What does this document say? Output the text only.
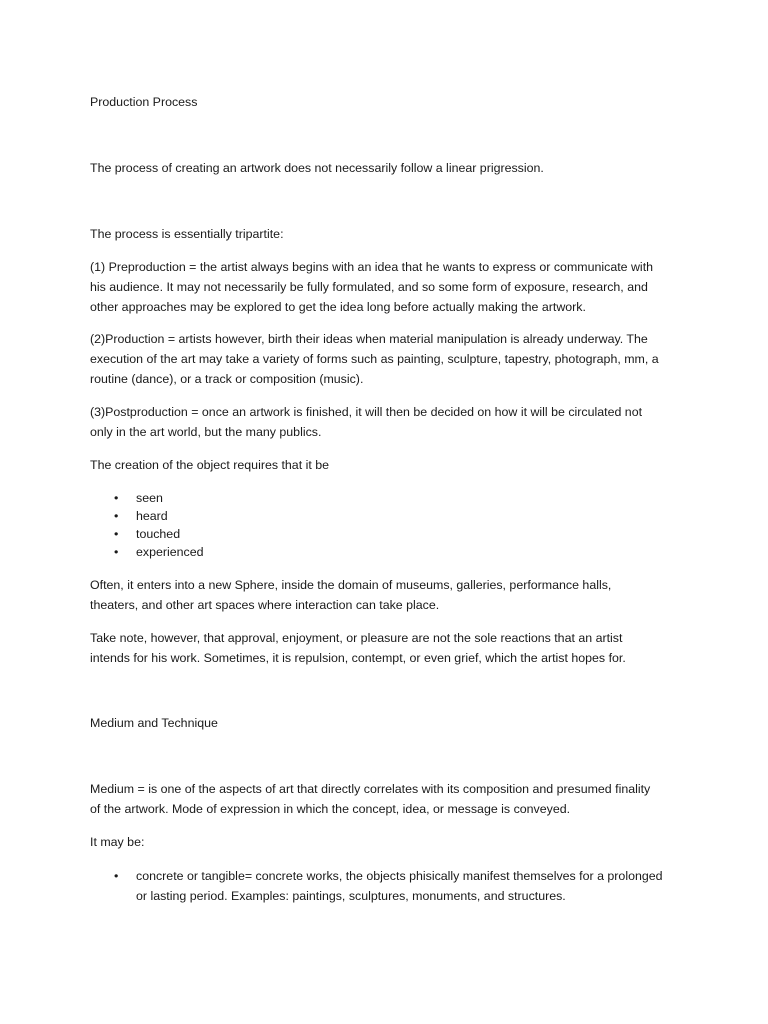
Production Process
The process of creating an artwork does not necessarily follow a linear prigression.
The process is essentially tripartite:
(1) Preproduction = the artist always begins with an idea that he wants to express or communicate with
his audience. It may not necessarily be fully formulated, and so some form of exposure, research, and
other approaches may be explored to get the idea long before actually making the artwork.
(2)Production = artists however, birth their ideas when material manipulation is already underway. The
execution of the art may take a variety of forms such as painting, sculpture, tapestry, photograph, mm, a
routine (dance), or a track or composition (music).
(3)Postproduction = once an artwork is finished, it will then be decided on how it will be circulated not
only in the art world, but the many publics.
The creation of the object requires that it be
• seen
• heard
• touched
• experienced
Often, it enters into a new Sphere, inside the domain of museums, galleries, performance halls,
theaters, and other art spaces where interaction can take place.
Take note, however, that approval, enjoyment, or pleasure are not the sole reactions that an artist
intends for his work. Sometimes, it is repulsion, contempt, or even grief, which the artist hopes for.
Medium and Technique
Medium = is one of the aspects of art that directly correlates with its composition and presumed finality
of the artwork. Mode of expression in which the concept, idea, or message is conveyed.
It may be:
• concrete or tangible= concrete works, the objects phisically manifest themselves for a prolonged
or lasting period. Examples: paintings, sculptures, monuments, and structures.
